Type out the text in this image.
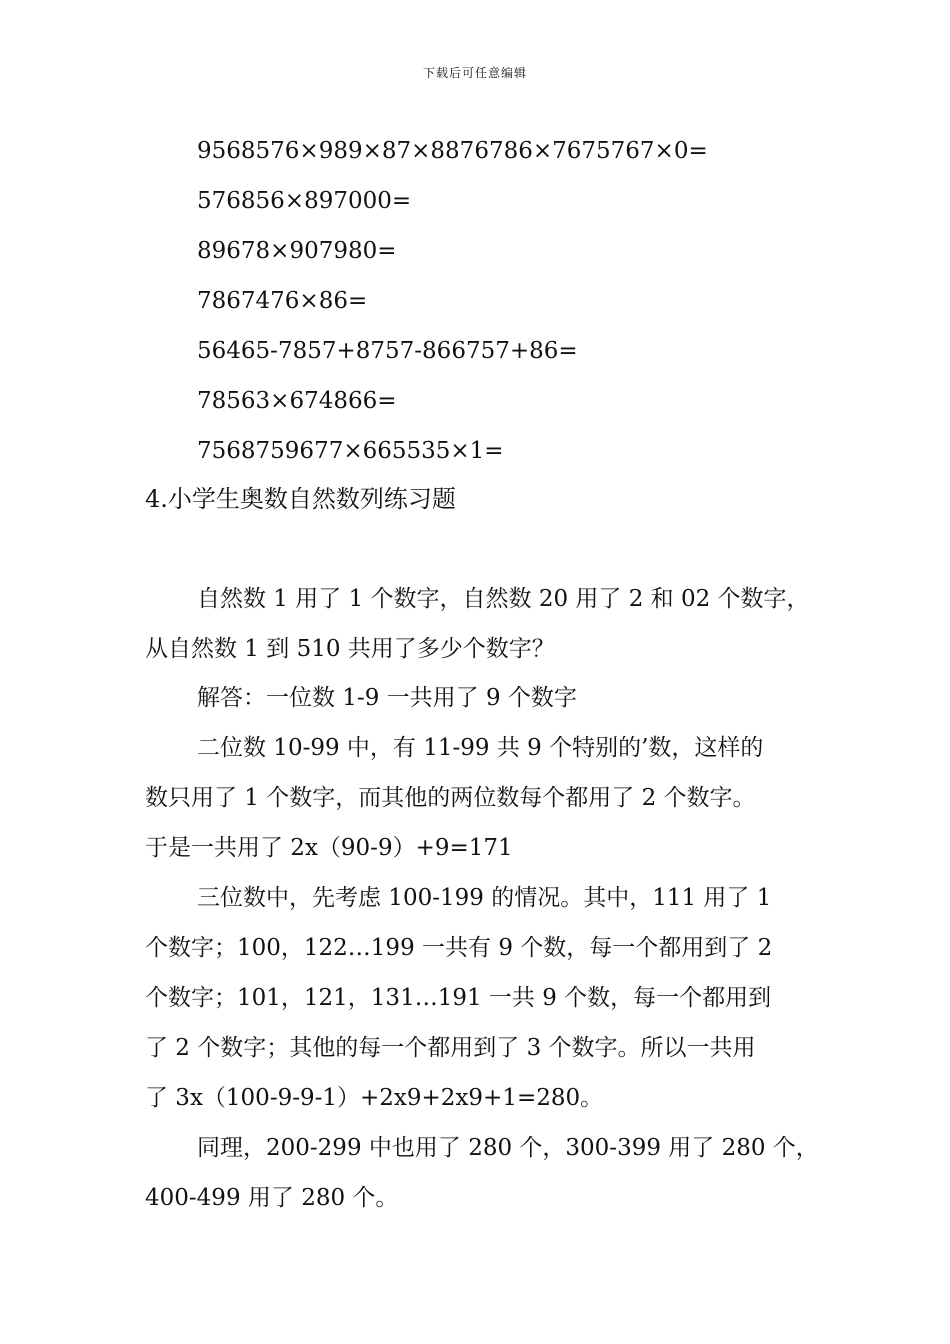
下载后可任意编辑
9568576×989×87×8876786×7675767×0=
576856×897000=
89678×907980=
7867476×86=
56465-7857+8757-866757+86=
78563×674866=
7568759677×665535×1=
4.小学生奥数自然数列练习题
自然数 1 用了 1 个数字，自然数 20 用了 2 和 02 个数字，
从自然数 1 到 510 共用了多少个数字？
解答：一位数 1-9 一共用了 9 个数字
二位数 10-99 中，有 11-99 共 9 个特别的’数，这样的
数只用了 1 个数字，而其他的两位数每个都用了 2 个数字。
于是一共用了 2x（90-9）+9=171
三位数中，先考虑 100-199 的情况。其中，111 用了 1
个数字；100，122…199 一共有 9 个数，每一个都用到了 2
个数字；101，121，131…191 一共 9 个数，每一个都用到
了 2 个数字；其他的每一个都用到了 3 个数字。所以一共用
了 3x（100-9-9-1）+2x9+2x9+1=280。
同理，200-299 中也用了 280 个，300-399 用了 280 个，
400-499 用了 280 个。
